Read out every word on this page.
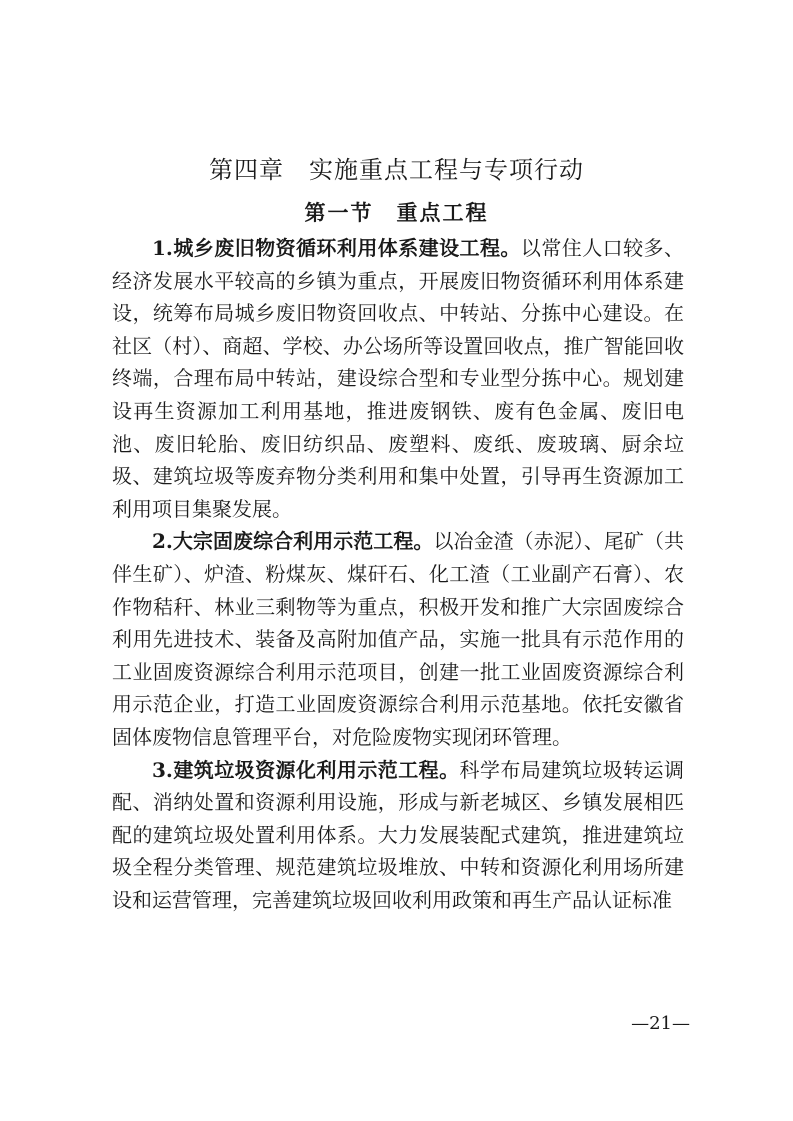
第四章　实施重点工程与专项行动
第一节　重点工程

1.城乡废旧物资循环利用体系建设工程。以常住人口较多、经济发展水平较高的乡镇为重点，开展废旧物资循环利用体系建设，统筹布局城乡废旧物资回收点、中转站、分拣中心建设。在社区（村）、商超、学校、办公场所等设置回收点，推广智能回收终端，合理布局中转站，建设综合型和专业型分拣中心。规划建设再生资源加工利用基地，推进废钢铁、废有色金属、废旧电池、废旧轮胎、废旧纺织品、废塑料、废纸、废玻璃、厨余垃圾、建筑垃圾等废弃物分类利用和集中处置，引导再生资源加工利用项目集聚发展。

2.大宗固废综合利用示范工程。以冶金渣（赤泥）、尾矿（共伴生矿）、炉渣、粉煤灰、煤矸石、化工渣（工业副产石膏）、农作物秸秆、林业三剩物等为重点，积极开发和推广大宗固废综合利用先进技术、装备及高附加值产品，实施一批具有示范作用的工业固废资源综合利用示范项目，创建一批工业固废资源综合利用示范企业，打造工业固废资源综合利用示范基地。依托安徽省固体废物信息管理平台，对危险废物实现闭环管理。

3.建筑垃圾资源化利用示范工程。科学布局建筑垃圾转运调配、消纳处置和资源利用设施，形成与新老城区、乡镇发展相匹配的建筑垃圾处置利用体系。大力发展装配式建筑，推进建筑垃圾全程分类管理、规范建筑垃圾堆放、中转和资源化利用场所建设和运营管理，完善建筑垃圾回收利用政策和再生产品认证标准

—21—
